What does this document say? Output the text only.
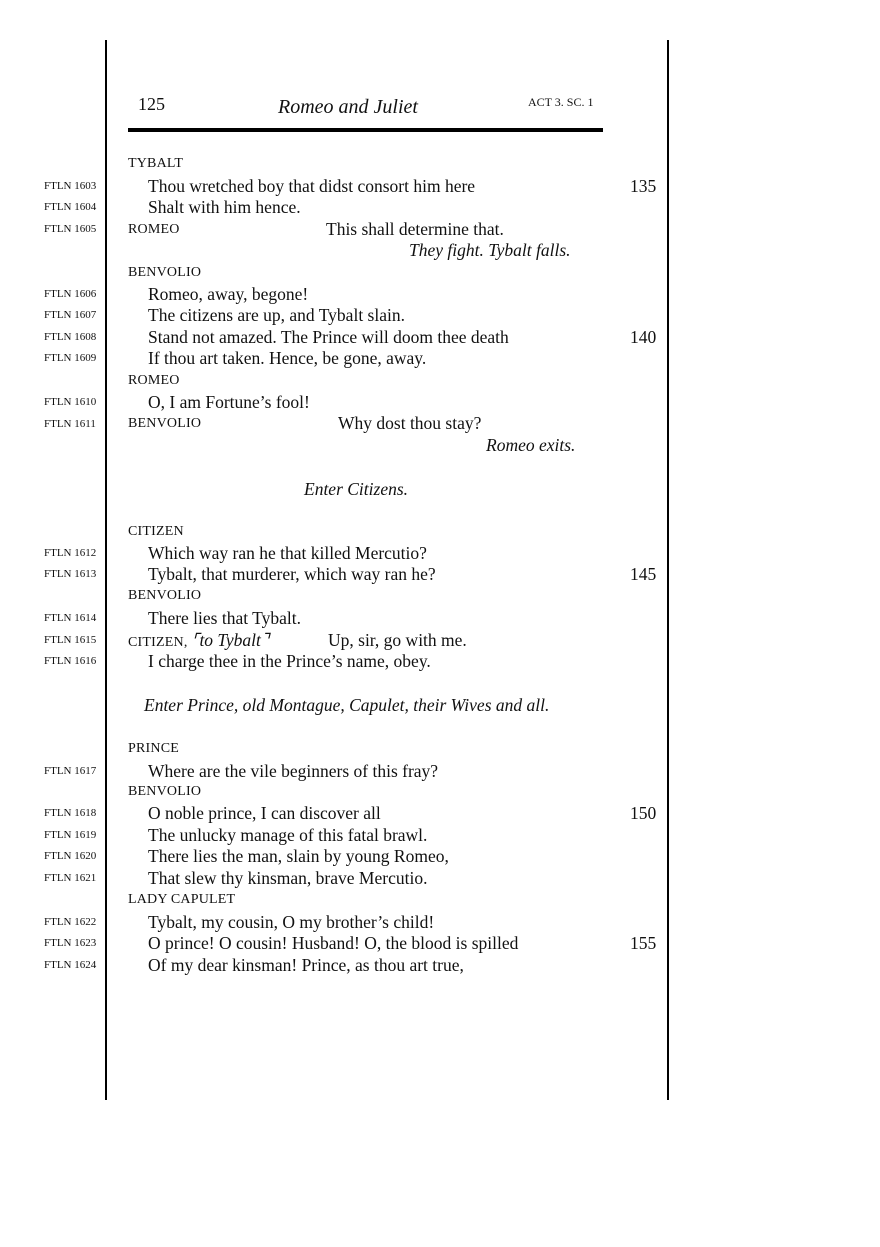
125	Romeo and Juliet	ACT 3. SC. 1
TYBALT
FTLN 1603	Thou wretched boy that didst consort him here	135
FTLN 1604	Shalt with him hence.
FTLN 1605 ROMEO	This shall determine that.
They fight. Tybalt falls.
BENVOLIO
FTLN 1606	Romeo, away, begone!
FTLN 1607	The citizens are up, and Tybalt slain.
FTLN 1608	Stand not amazed. The Prince will doom thee death	140
FTLN 1609	If thou art taken. Hence, be gone, away.
ROMEO
FTLN 1610	O, I am Fortune’s fool!
FTLN 1611 BENVOLIO	Why dost thou stay?
Romeo exits.
Enter Citizens.
CITIZEN
FTLN 1612	Which way ran he that killed Mercutio?
FTLN 1613	Tybalt, that murderer, which way ran he?	145
BENVOLIO
FTLN 1614	There lies that Tybalt.
FTLN 1615 CITIZEN, ⌜to Tybalt⌝	Up, sir, go with me.
FTLN 1616	I charge thee in the Prince’s name, obey.
Enter Prince, old Montague, Capulet, their Wives and all.
PRINCE
FTLN 1617	Where are the vile beginners of this fray?
BENVOLIO
FTLN 1618	O noble prince, I can discover all	150
FTLN 1619	The unlucky manage of this fatal brawl.
FTLN 1620	There lies the man, slain by young Romeo,
FTLN 1621	That slew thy kinsman, brave Mercutio.
LADY CAPULET
FTLN 1622	Tybalt, my cousin, O my brother’s child!
FTLN 1623	O prince! O cousin! Husband! O, the blood is spilled	155
FTLN 1624	Of my dear kinsman! Prince, as thou art true,
